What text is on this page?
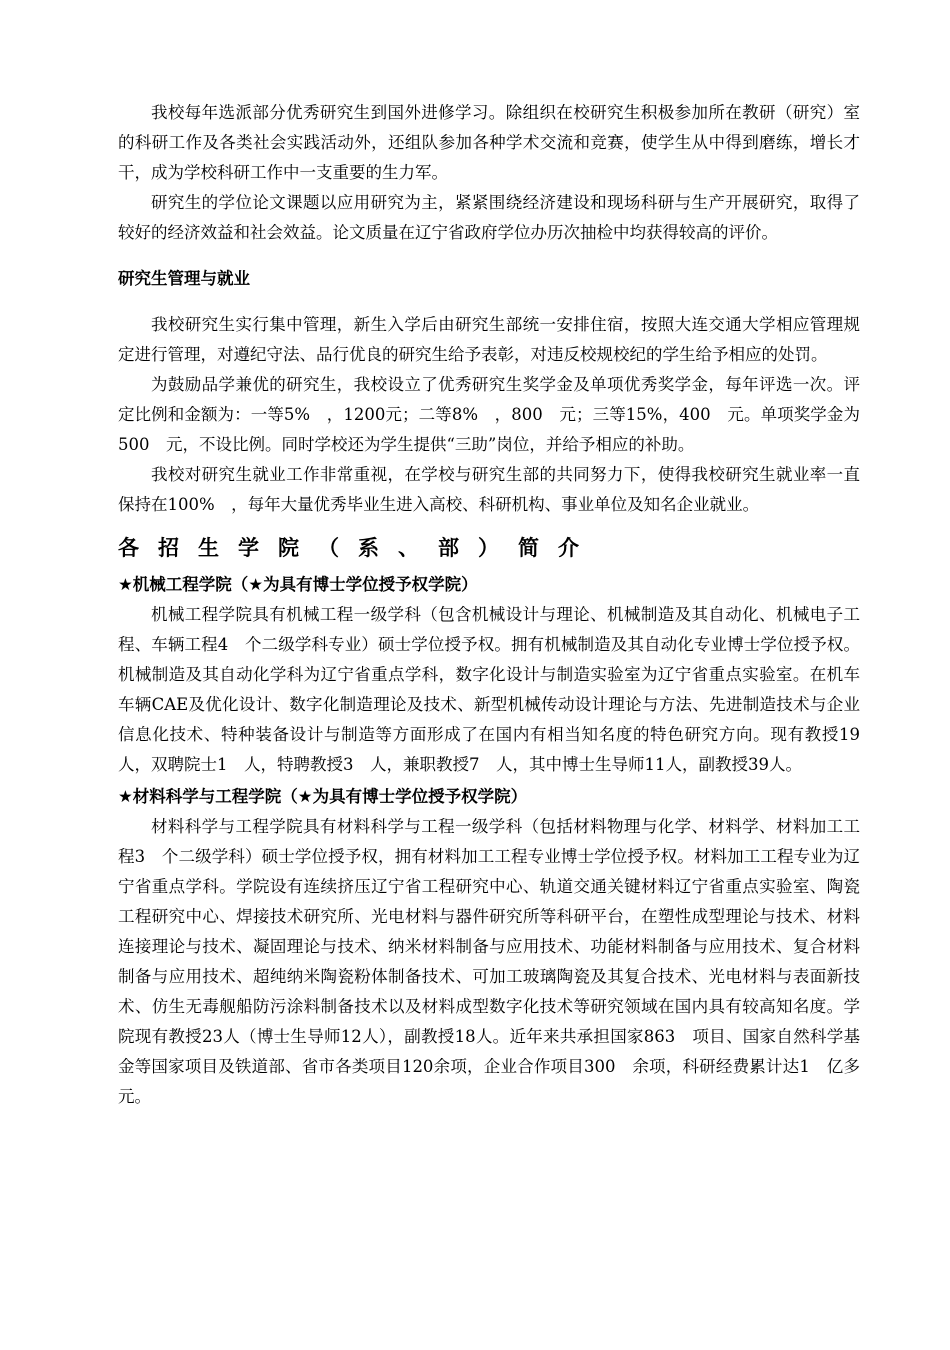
我校每年选派部分优秀研究生到国外进修学习。除组织在校研究生积极参加所在教研（研究）室的科研工作及各类社会实践活动外，还组队参加各种学术交流和竞赛，使学生从中得到磨练，增长才干，成为学校科研工作中一支重要的生力军。

研究生的学位论文课题以应用研究为主，紧紧围绕经济建设和现场科研与生产开展研究，取得了较好的经济效益和社会效益。论文质量在辽宁省政府学位办历次抽检中均获得较高的评价。

研究生管理与就业

我校研究生实行集中管理，新生入学后由研究生部统一安排住宿，按照大连交通大学相应管理规定进行管理，对遵纪守法、品行优良的研究生给予表彰，对违反校规校纪的学生给予相应的处罚。

为鼓励品学兼优的研究生，我校设立了优秀研究生奖学金及单项优秀奖学金，每年评选一次。评定比例和金额为：一等5%　，1200元；二等8%　，800　元；三等15%，400　元。单项奖学金为500　元，不设比例。同时学校还为学生提供“三助”岗位，并给予相应的补助。

我校对研究生就业工作非常重视，在学校与研究生部的共同努力下，使得我校研究生就业率一直保持在100%　，每年大量优秀毕业生进入高校、科研机构、事业单位及知名企业就业。

各招生学院（系、部）简介
★机械工程学院（★为具有博士学位授予权学院）

机械工程学院具有机械工程一级学科（包含机械设计与理论、机械制造及其自动化、机械电子工程、车辆工程4　个二级学科专业）硕士学位授予权。拥有机械制造及其自动化专业博士学位授予权。机械制造及其自动化学科为辽宁省重点学科，数字化设计与制造实验室为辽宁省重点实验室。在机车车辆CAE及优化设计、数字化制造理论及技术、新型机械传动设计理论与方法、先进制造技术与企业信息化技术、特种装备设计与制造等方面形成了在国内有相当知名度的特色研究方向。现有教授19人，双聘院士1　人，特聘教授3　人，兼职教授7　人，其中博士生导师11人，副教授39人。

★材料科学与工程学院（★为具有博士学位授予权学院）

材料科学与工程学院具有材料科学与工程一级学科（包括材料物理与化学、材料学、材料加工工程3　个二级学科）硕士学位授予权，拥有材料加工工程专业博士学位授予权。材料加工工程专业为辽宁省重点学科。学院设有连续挤压辽宁省工程研究中心、轨道交通关键材料辽宁省重点实验室、陶瓷工程研究中心、焊接技术研究所、光电材料与器件研究所等科研平台，在塑性成型理论与技术、材料连接理论与技术、凝固理论与技术、纳米材料制备与应用技术、功能材料制备与应用技术、复合材料制备与应用技术、超纯纳米陶瓷粉体制备技术、可加工玻璃陶瓷及其复合技术、光电材料与表面新技术、仿生无毒舰船防污涂料制备技术以及材料成型数字化技术等研究领域在国内具有较高知名度。学院现有教授23人（博士生导师12人），副教授18人。近年来共承担国家863　项目、国家自然科学基金等国家项目及铁道部、省市各类项目120余项，企业合作项目300　余项，科研经费累计达1　亿多元。
